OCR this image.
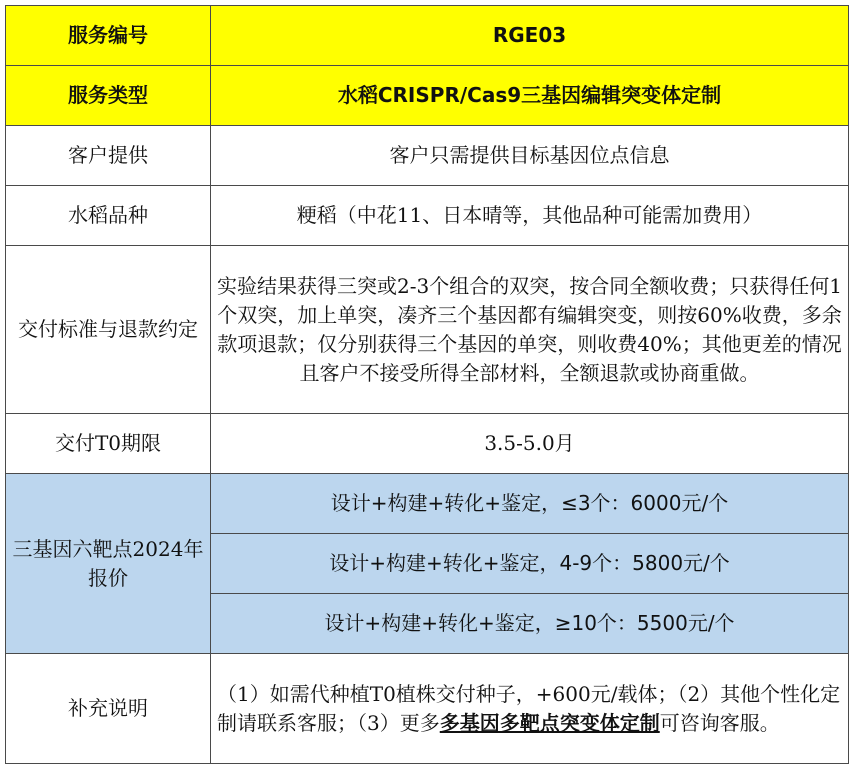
服务编号	RGE03
服务类型	水稻CRISPR/Cas9三基因编辑突变体定制
客户提供	客户只需提供目标基因位点信息
水稻品种	粳稻（中花11、日本晴等，其他品种可能需加费用）
交付标准与退款约定	实验结果获得三突或2-3个组合的双突，按合同全额收费；只获得任何1个双突，加上单突，凑齐三个基因都有编辑突变，则按60%收费，多余款项退款；仅分别获得三个基因的单突，则收费40%；其他更差的情况且客户不接受所得全部材料，全额退款或协商重做。
交付T0期限	3.5-5.0月
三基因六靶点2024年报价	设计+构建+转化+鉴定，≤3个：6000元/个
	设计+构建+转化+鉴定，4-9个：5800元/个
	设计+构建+转化+鉴定，≥10个：5500元/个
补充说明	（1）如需代种植T0植株交付种子，+600元/载体；（2）其他个性化定制请联系客服；（3）更多多基因多靶点突变体定制可咨询客服。
